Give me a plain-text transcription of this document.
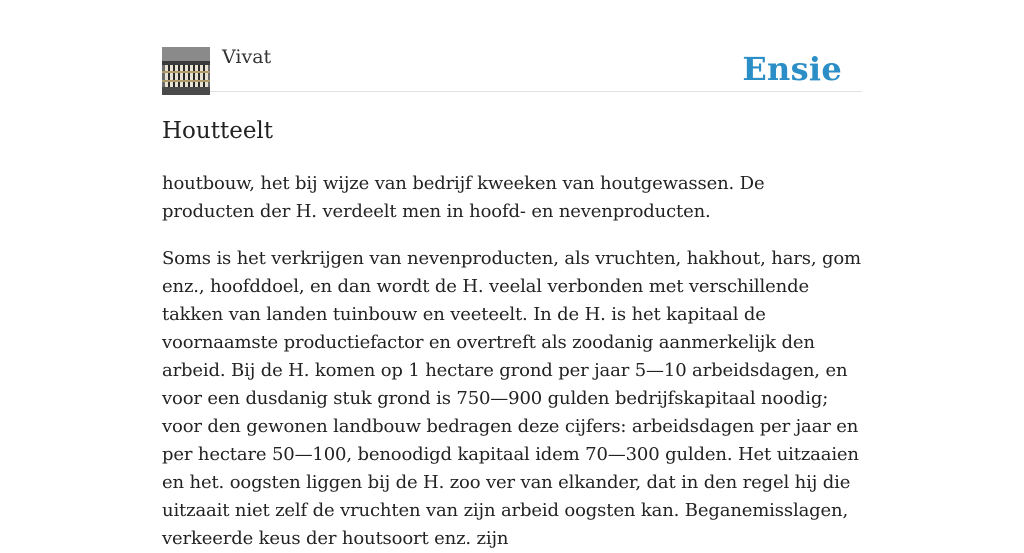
Vivat	Ensie
Houtteelt

houtbouw, het bij wijze van bedrijf kweeken van houtgewassen. De producten der H. verdeelt men in hoofd- en nevenproducten.

Soms is het verkrijgen van nevenproducten, als vruchten, hakhout, hars, gom enz., hoofddoel, en dan wordt de H. veelal verbonden met verschillende takken van landen tuinbouw en veeteelt. In de H. is het kapitaal de voornaamste productiefactor en overtreft als zoodanig aanmerkelijk den arbeid. Bij de H. komen op 1 hectare grond per jaar 5—10 arbeidsdagen, en voor een dusdanig stuk grond is 750—900 gulden bedrijfskapitaal noodig; voor den gewonen landbouw bedragen deze cijfers: arbeidsdagen per jaar en per hectare 50—100, benoodigd kapitaal idem 70—300 gulden. Het uitzaaien en het. oogsten liggen bij de H. zoo ver van elkander, dat in den regel hij die uitzaait niet zelf de vruchten van zijn arbeid oogsten kan. Beganemisslagen, verkeerde keus der houtsoort enz. zijn
